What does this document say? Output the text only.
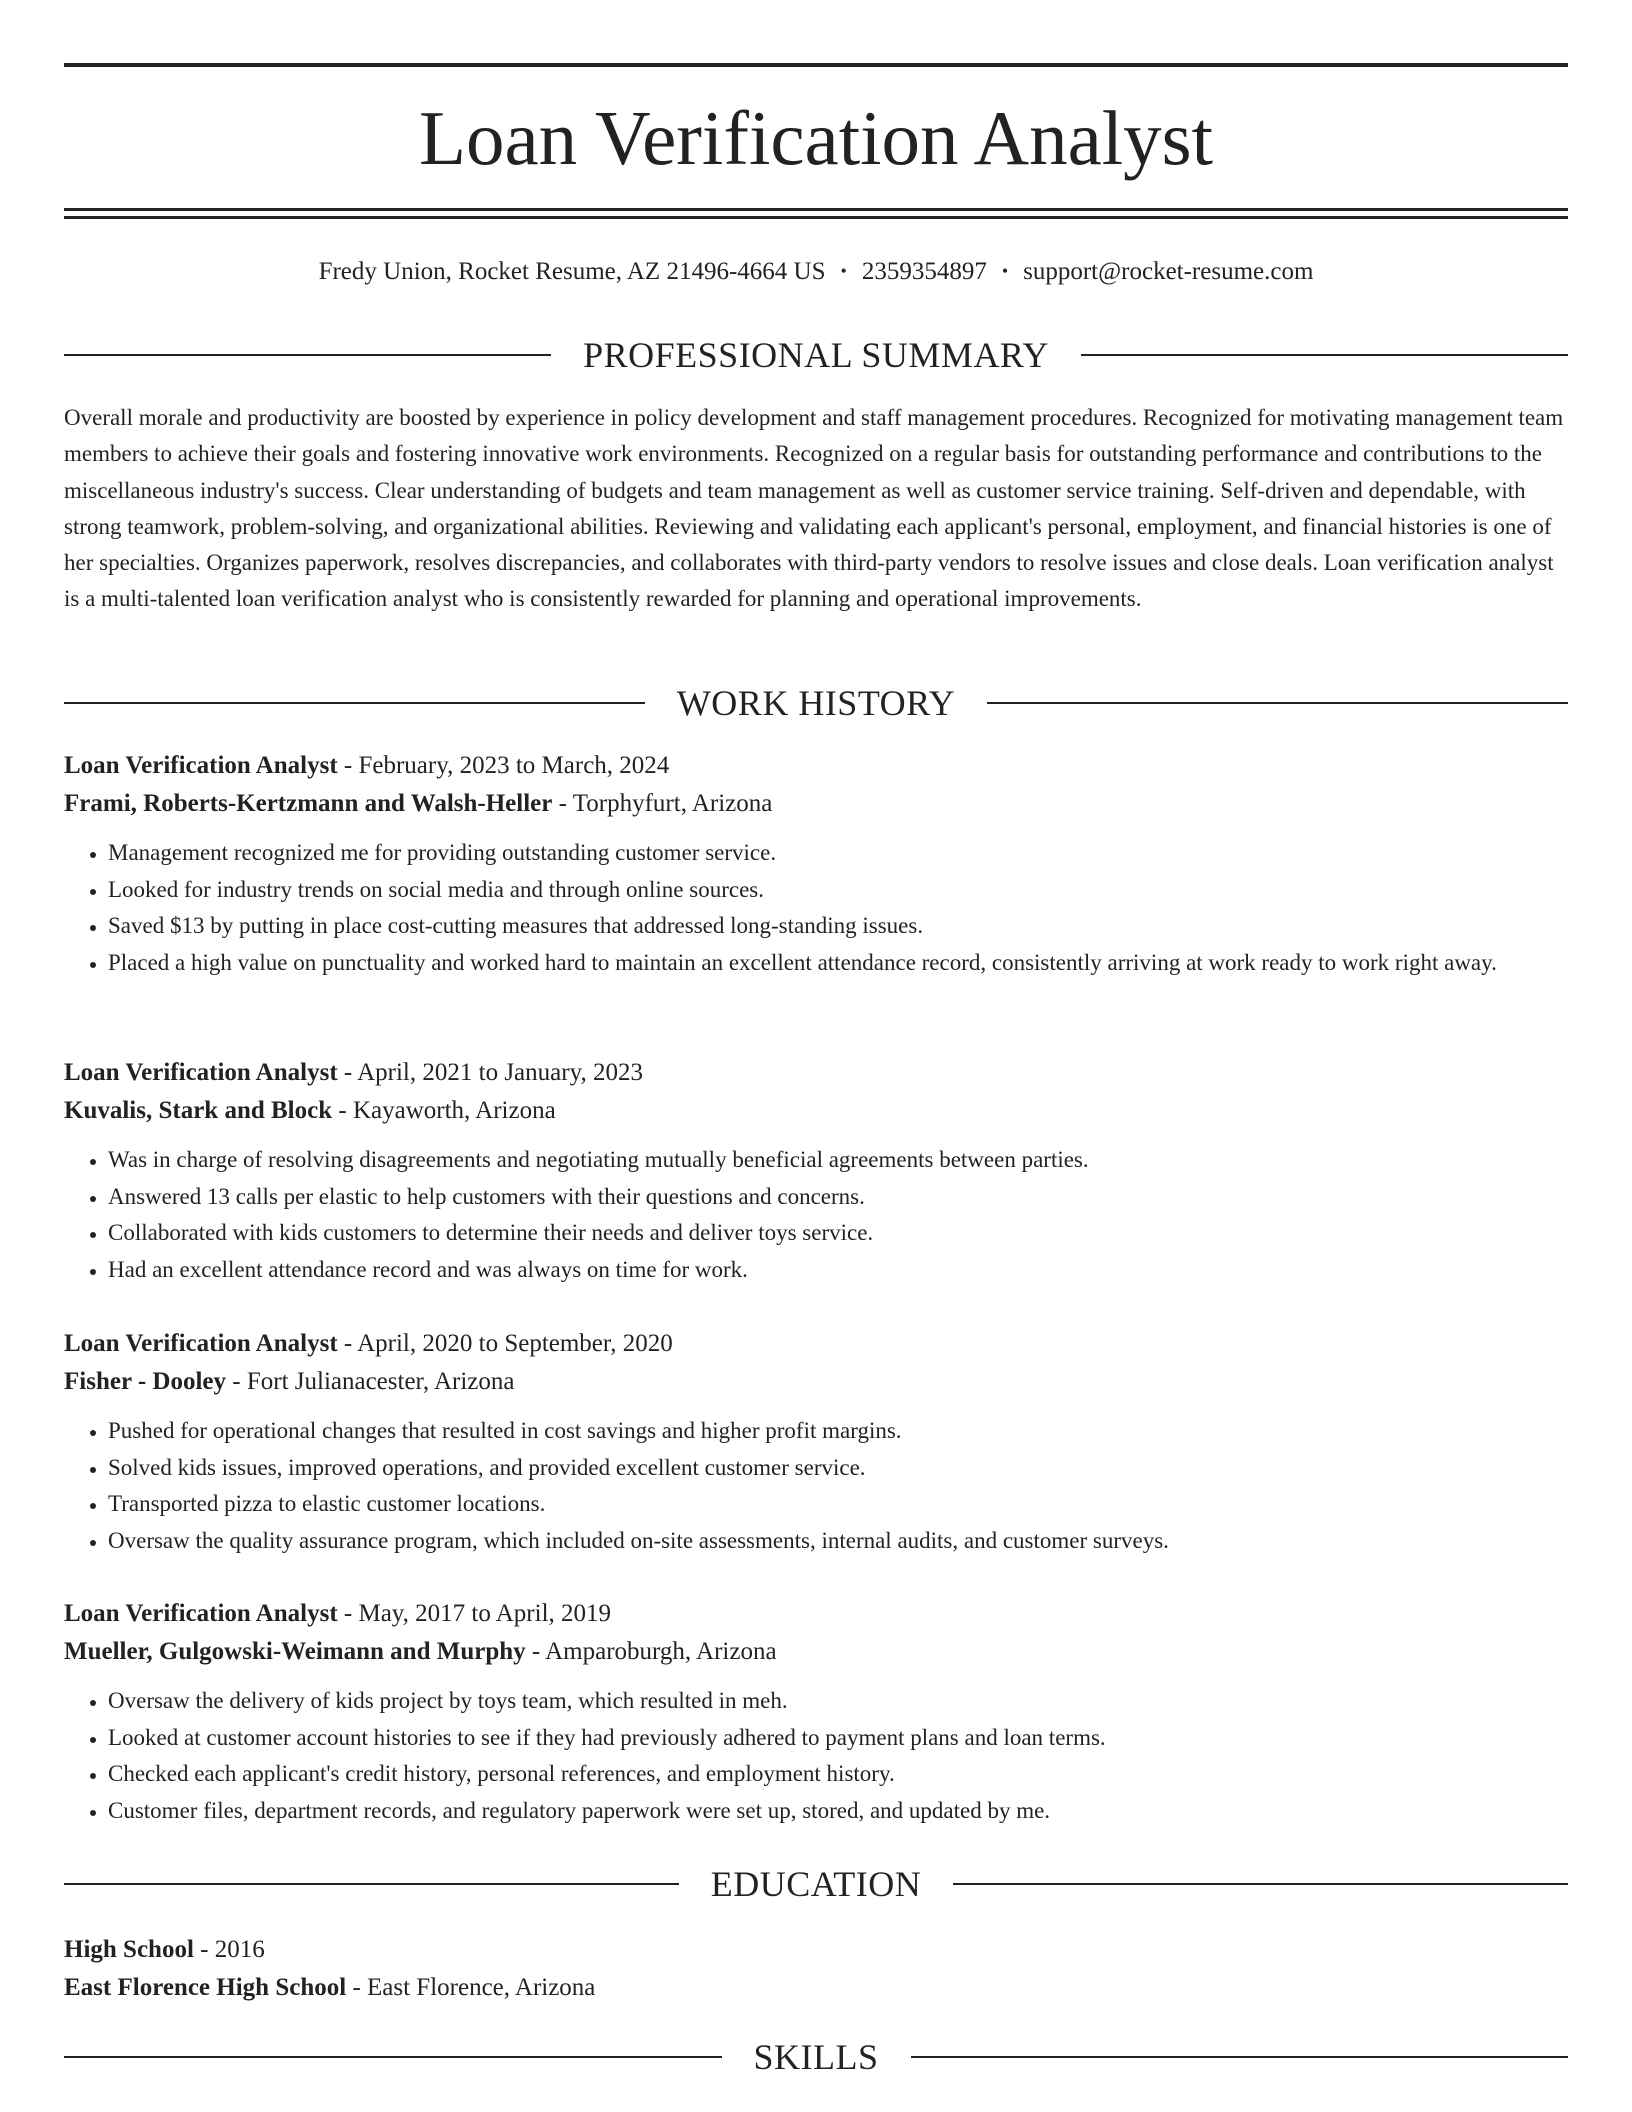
Loan Verification Analyst
Fredy Union, Rocket Resume, AZ 21496-4664 US • 2359354897 • support@rocket-resume.com
PROFESSIONAL SUMMARY

Overall morale and productivity are boosted by experience in policy development and staff management procedures. Recognized for motivating management team members to achieve their goals and fostering innovative work environments. Recognized on a regular basis for outstanding performance and contributions to the miscellaneous industry's success. Clear understanding of budgets and team management as well as customer service training. Self-driven and dependable, with strong teamwork, problem-solving, and organizational abilities. Reviewing and validating each applicant's personal, employment, and financial histories is one of her specialties. Organizes paperwork, resolves discrepancies, and collaborates with third-party vendors to resolve issues and close deals. Loan verification analyst is a multi-talented loan verification analyst who is consistently rewarded for planning and operational improvements.

WORK HISTORY
Loan Verification Analyst - February, 2023 to March, 2024
Frami, Roberts-Kertzmann and Walsh-Heller - Torphyfurt, Arizona
• Management recognized me for providing outstanding customer service.
• Looked for industry trends on social media and through online sources.
• Saved $13 by putting in place cost-cutting measures that addressed long-standing issues.
• Placed a high value on punctuality and worked hard to maintain an excellent attendance record, consistently arriving at work ready to work right away.
Loan Verification Analyst - April, 2021 to January, 2023
Kuvalis, Stark and Block - Kayaworth, Arizona
• Was in charge of resolving disagreements and negotiating mutually beneficial agreements between parties.
• Answered 13 calls per elastic to help customers with their questions and concerns.
• Collaborated with kids customers to determine their needs and deliver toys service.
• Had an excellent attendance record and was always on time for work.
Loan Verification Analyst - April, 2020 to September, 2020
Fisher - Dooley - Fort Julianacester, Arizona
• Pushed for operational changes that resulted in cost savings and higher profit margins.
• Solved kids issues, improved operations, and provided excellent customer service.
• Transported pizza to elastic customer locations.
• Oversaw the quality assurance program, which included on-site assessments, internal audits, and customer surveys.
Loan Verification Analyst - May, 2017 to April, 2019
Mueller, Gulgowski-Weimann and Murphy - Amparoburgh, Arizona
• Oversaw the delivery of kids project by toys team, which resulted in meh.
• Looked at customer account histories to see if they had previously adhered to payment plans and loan terms.
• Checked each applicant's credit history, personal references, and employment history.
• Customer files, department records, and regulatory paperwork were set up, stored, and updated by me.
EDUCATION
High School - 2016
East Florence High School - East Florence, Arizona
SKILLS
